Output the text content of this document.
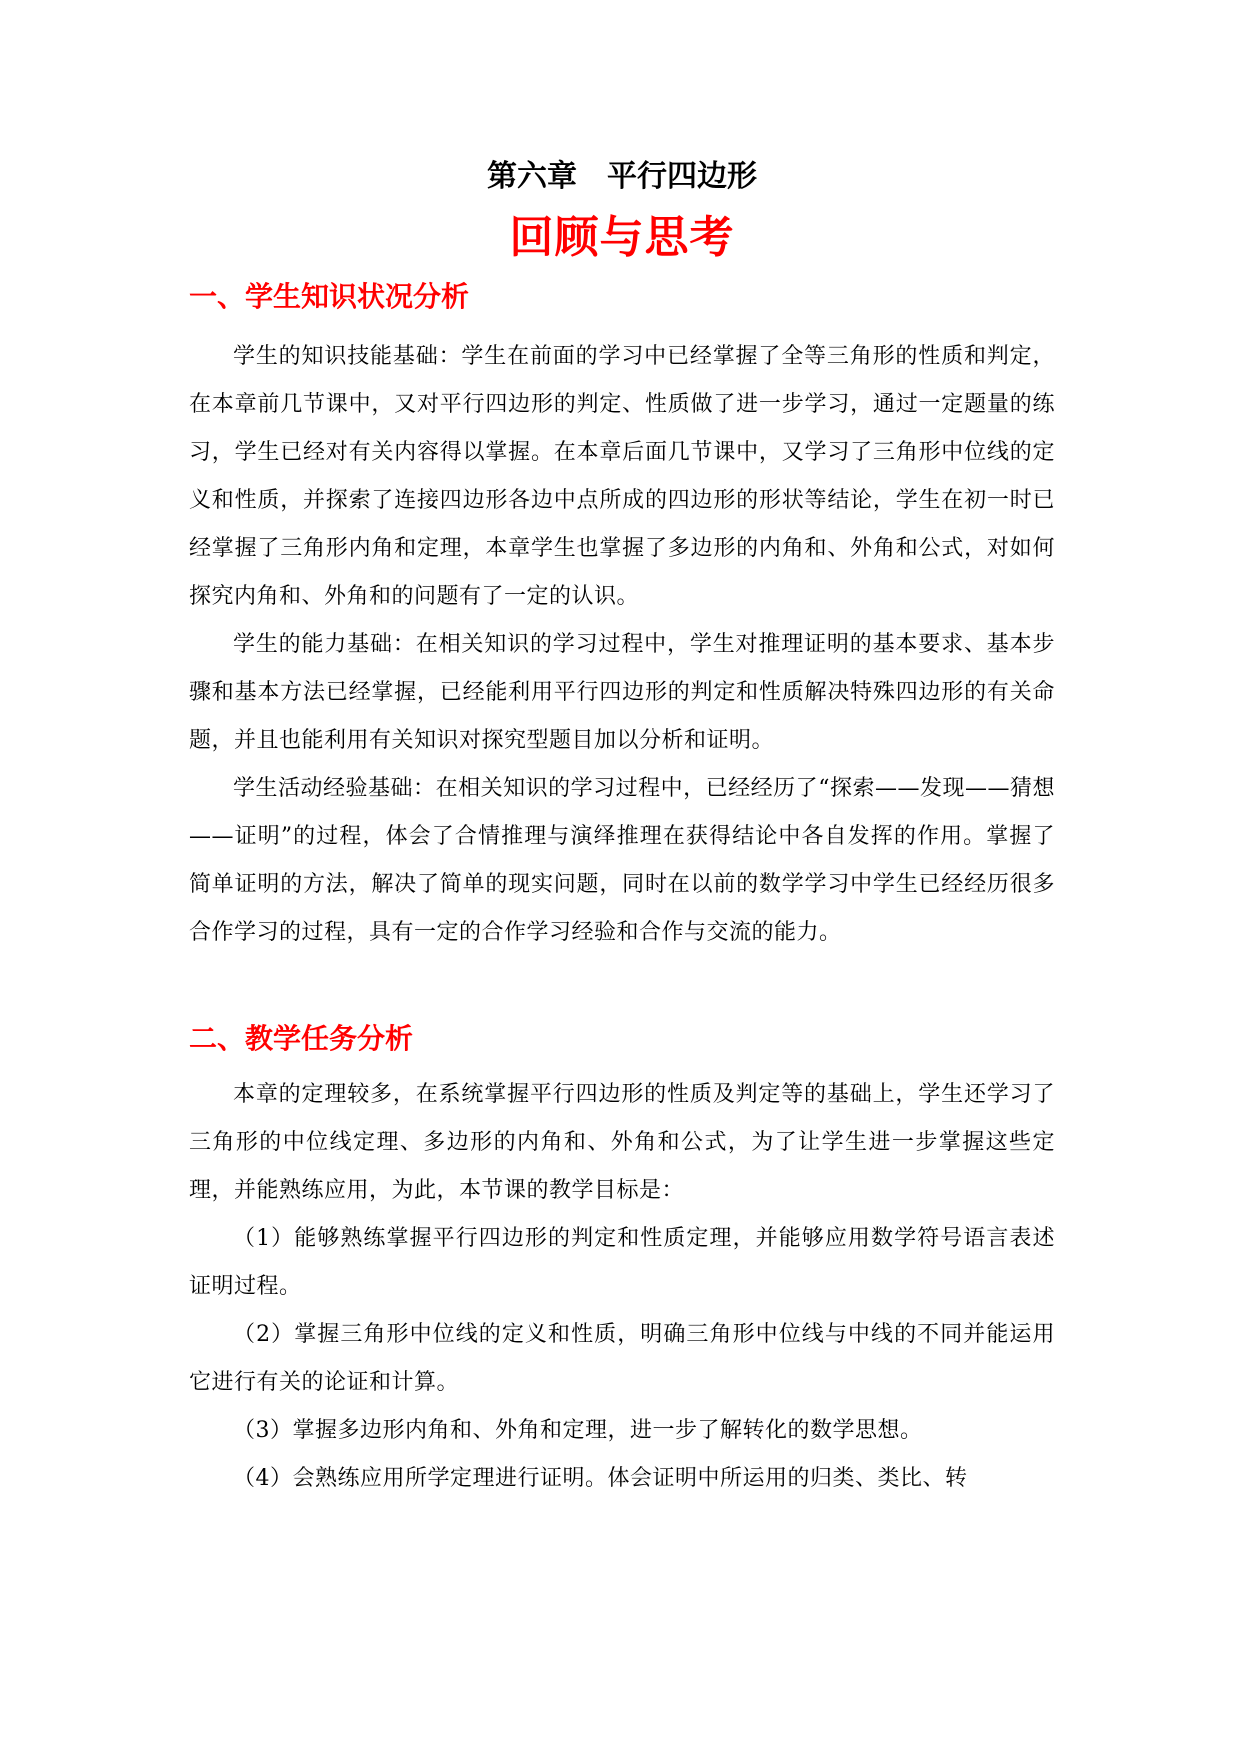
第六章　平行四边形
回顾与思考
一、学生知识状况分析

学生的知识技能基础：学生在前面的学习中已经掌握了全等三角形的性质和判定，在本章前几节课中，又对平行四边形的判定、性质做了进一步学习，通过一定题量的练习，学生已经对有关内容得以掌握。在本章后面几节课中，又学习了三角形中位线的定义和性质，并探索了连接四边形各边中点所成的四边形的形状等结论，学生在初一时已经掌握了三角形内角和定理，本章学生也掌握了多边形的内角和、外角和公式，对如何探究内角和、外角和的问题有了一定的认识。

学生的能力基础：在相关知识的学习过程中，学生对推理证明的基本要求、基本步骤和基本方法已经掌握，已经能利用平行四边形的判定和性质解决特殊四边形的有关命题，并且也能利用有关知识对探究型题目加以分析和证明。

学生活动经验基础：在相关知识的学习过程中，已经经历了“探索——发现——猜想——证明”的过程，体会了合情推理与演绎推理在获得结论中各自发挥的作用。掌握了简单证明的方法，解决了简单的现实问题，同时在以前的数学学习中学生已经经历很多合作学习的过程，具有一定的合作学习经验和合作与交流的能力。

二、教学任务分析

本章的定理较多，在系统掌握平行四边形的性质及判定等的基础上，学生还学习了三角形的中位线定理、多边形的内角和、外角和公式，为了让学生进一步掌握这些定理，并能熟练应用，为此，本节课的教学目标是：

（1）能够熟练掌握平行四边形的判定和性质定理，并能够应用数学符号语言表述证明过程。

（2）掌握三角形中位线的定义和性质，明确三角形中位线与中线的不同并能运用它进行有关的论证和计算。

（3）掌握多边形内角和、外角和定理，进一步了解转化的数学思想。

（4）会熟练应用所学定理进行证明。体会证明中所运用的归类、类比、转
